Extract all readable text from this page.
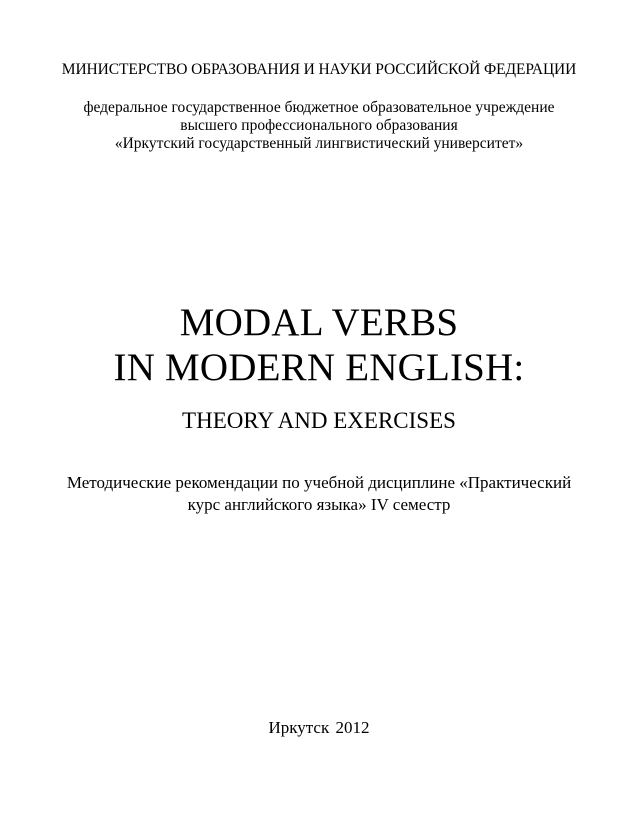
МИНИСТЕРСТВО ОБРАЗОВАНИЯ И НАУКИ РОССИЙСКОЙ ФЕДЕРАЦИИ
федеральное государственное бюджетное образовательное учреждение
высшего профессионального образования
«Иркутский государственный лингвистический университет»
MODAL VERBS
IN MODERN ENGLISH:
THEORY AND EXERCISES
Методические рекомендации по учебной дисциплине «Практический
курс английского языка» IV семестр
Иркутск 2012
